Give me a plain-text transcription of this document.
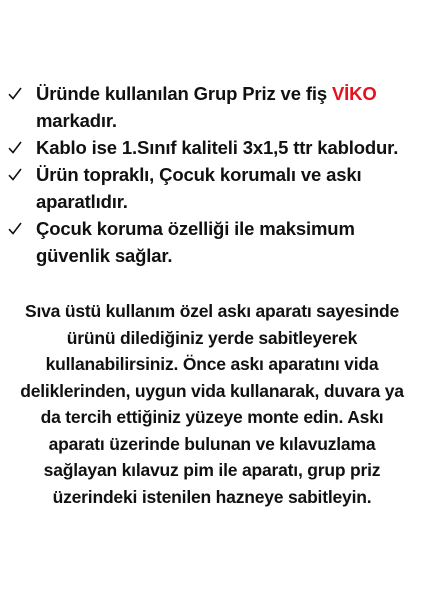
Üründe kullanılan Grup Priz ve fiş VİKO
markadır.
Kablo ise 1.Sınıf kaliteli 3x1,5 ttr kablodur.
Ürün topraklı, Çocuk korumalı ve askı aparatlıdır.
Çocuk koruma özelliği ile maksimum güvenlik sağlar.

Sıva üstü kullanım özel askı aparatı sayesinde
ürünü dilediğiniz yerde sabitleyerek
kullanabilirsiniz. Önce askı aparatını vida
deliklerinden, uygun vida kullanarak, duvara ya
da tercih ettiğiniz yüzeye monte edin. Askı
aparatı üzerinde bulunan ve kılavuzlama
sağlayan kılavuz pim ile aparatı, grup priz
üzerindeki istenilen hazneye sabitleyin.
